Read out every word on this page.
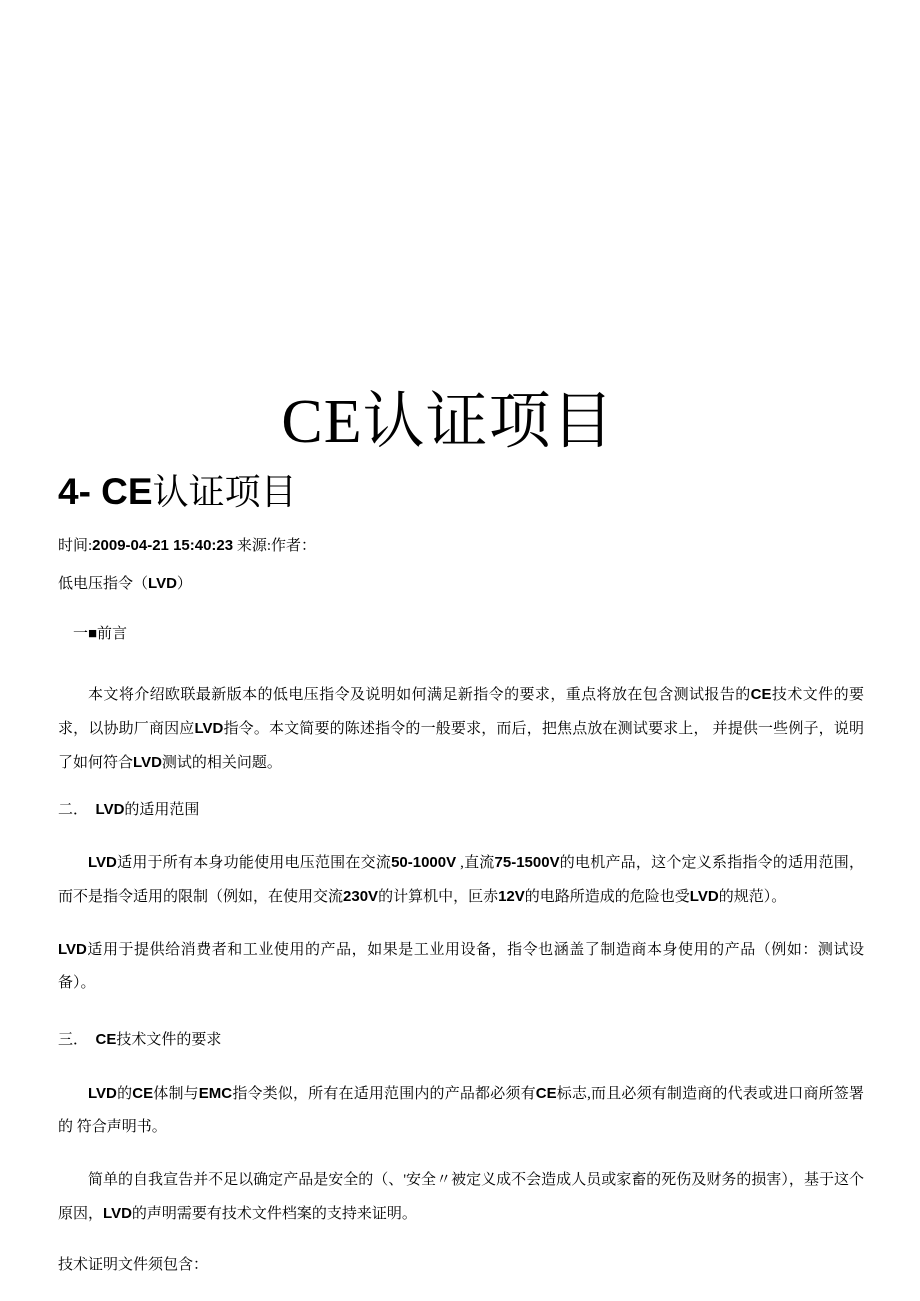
CE认证项目
4- CE认证项目
时间:2009-04-21 15:40:23 来源:作者：
低电压指令（LVD）
一■前言
本文将介绍欧联最新版本的低电压指令及说明如何满足新指令的要求，重点将放在包含测试报告的CE技术文件的要求，以协助厂商因应LVD指令。本文简要的陈述指令的一般要求，而后，把焦点放在测试要求上， 并提供一些例子，说明了如何符合LVD测试的相关问题。
二．  LVD的适用范围
LVD适用于所有本身功能使用电压范围在交流50-1000V ,直流75-1500V的电机产品，这个定义系指指令的适用范围，而不是指令适用的限制（例如，在使用交流230V的计算机中，叵赤12V的电路所造成的危险也受LVD的规范）。
LVD适用于提供给消费者和工业使用的产品，如果是工业用设备，指令也涵盖了制造商本身使用的产品（例如：测试设备）。
三．  CE技术文件的要求
LVD的CE体制与EMC指令类似，所有在适用范围内的产品都必须有CE标志,而且必须有制造商的代表或进口商所签署的 符合声明书。
简单的自我宣告并不足以确定产品是安全的（、'安全〃被定义成不会造成人员或家畜的死伤及财务的损害），基于这个原因，LVD的声明需要有技术文件档案的支持来证明。
技术证明文件须包含：
